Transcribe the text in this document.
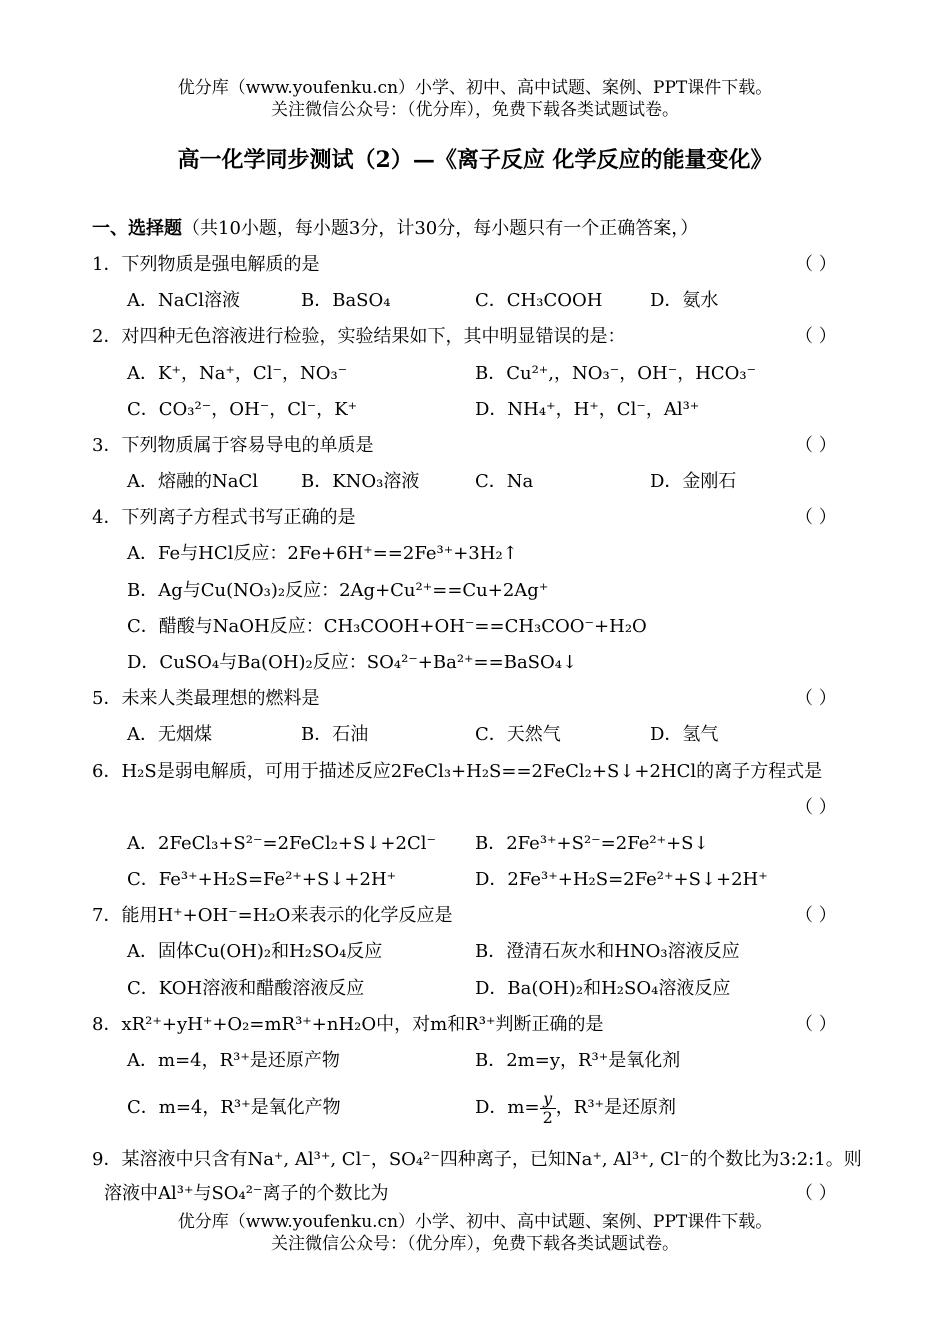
优分库（www.youfenku.cn）小学、初中、高中试题、案例、PPT课件下载。
关注微信公众号：（优分库），免费下载各类试题试卷。
高一化学同步测试（2）—《离子反应 化学反应的能量变化》
一、选择题（共10小题，每小题3分，计30分，每小题只有一个正确答案，）
1．下列物质是强电解质的是	（ ）
A．NaCl溶液	B．BaSO₄	C．CH₃COOH	D．氨水
2．对四种无色溶液进行检验，实验结果如下，其中明显错误的是：	（ ）
A．K⁺，Na⁺，Cl⁻，NO₃⁻	B．Cu²⁺,，NO₃⁻，OH⁻，HCO₃⁻
C．CO₃²⁻，OH⁻，Cl⁻，K⁺	D．NH₄⁺，H⁺，Cl⁻，Al³⁺
3．下列物质属于容易导电的单质是	（ ）
A．熔融的NaCl B．KNO₃溶液	C．Na	D．金刚石
4．下列离子方程式书写正确的是	（ ）
A．Fe与HCl反应：2Fe+6H⁺==2Fe³⁺+3H₂↑
B．Ag与Cu(NO₃)₂反应：2Ag+Cu²⁺==Cu+2Ag⁺
C．醋酸与NaOH反应：CH₃COOH+OH⁻==CH₃COO⁻+H₂O
D．CuSO₄与Ba(OH)₂反应：SO₄²⁻+Ba²⁺==BaSO₄↓
5．未来人类最理想的燃料是	（ ）
A．无烟煤	B．石油	C．天然气	D．氢气
6．H₂S是弱电解质，可用于描述反应2FeCl₃+H₂S==2FeCl₂+S↓+2HCl的离子方程式是
（ ）
A．2FeCl₃+S²⁻=2FeCl₂+S↓+2Cl⁻ B．2Fe³⁺+S²⁻=2Fe²⁺+S↓
C．Fe³⁺+H₂S=Fe²⁺+S↓+2H⁺	D．2Fe³⁺+H₂S=2Fe²⁺+S↓+2H⁺
7．能用H⁺+OH⁻=H₂O来表示的化学反应是	（ ）
A．固体Cu(OH)₂和H₂SO₄反应	B．澄清石灰水和HNO₃溶液反应
C．KOH溶液和醋酸溶液反应	D．Ba(OH)₂和H₂SO₄溶液反应
8．xR²⁺+yH⁺+O₂=mR³⁺+nH₂O中，对m和R³⁺判断正确的是	（ ）
A．m=4，R³⁺是还原产物	B．2m=y，R³⁺是氧化剂
C．m=4，R³⁺是氧化产物	D．$m= \frac{y}{2}$ ，R³⁺是还原剂
9．某溶液中只含有Na⁺, Al³⁺, Cl⁻，SO₄²⁻四种离子，已知Na⁺, Al³⁺, Cl⁻的个数比为3:2:1。则
溶液中Al³⁺与SO₄²⁻离子的个数比为	（ ）
优分库（www.youfenku.cn）小学、初中、高中试题、案例、PPT课件下载。
关注微信公众号：（优分库），免费下载各类试题试卷。
